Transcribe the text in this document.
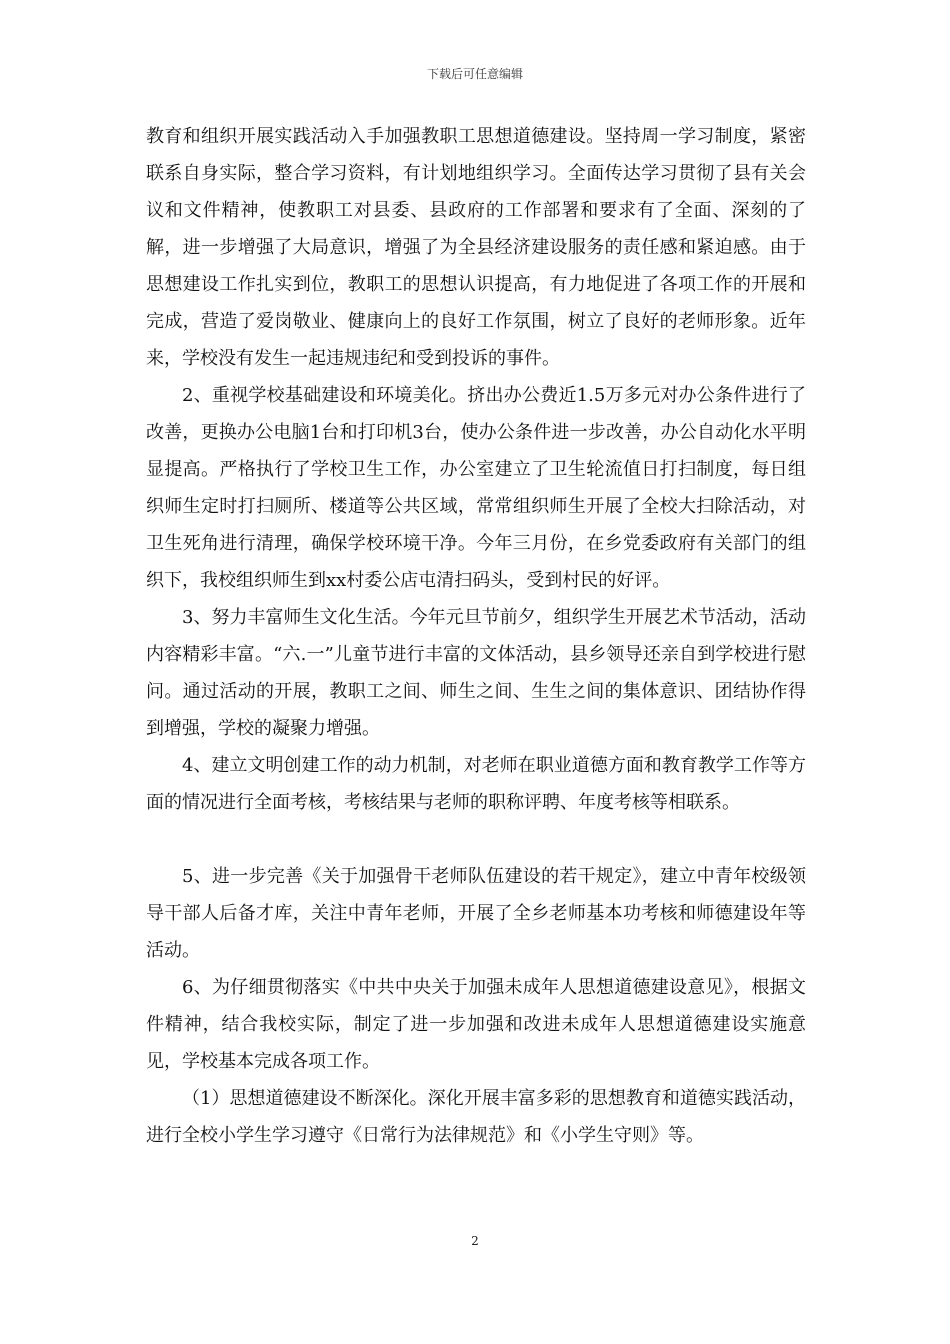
下载后可任意编辑

教育和组织开展实践活动入手加强教职工思想道德建设。坚持周一学习制度，紧密联系自身实际，整合学习资料，有计划地组织学习。全面传达学习贯彻了县有关会议和文件精神，使教职工对县委、县政府的工作部署和要求有了全面、深刻的了解，进一步增强了大局意识，增强了为全县经济建设服务的责任感和紧迫感。由于思想建设工作扎实到位，教职工的思想认识提高，有力地促进了各项工作的开展和完成，营造了爱岗敬业、健康向上的良好工作氛围，树立了良好的老师形象。近年来，学校没有发生一起违规违纪和受到投诉的事件。

2、重视学校基础建设和环境美化。挤出办公费近1.5万多元对办公条件进行了改善，更换办公电脑1台和打印机3台，使办公条件进一步改善，办公自动化水平明显提高。严格执行了学校卫生工作，办公室建立了卫生轮流值日打扫制度，每日组织师生定时打扫厕所、楼道等公共区域，常常组织师生开展了全校大扫除活动，对卫生死角进行清理，确保学校环境干净。今年三月份，在乡党委政府有关部门的组织下，我校组织师生到xx村委公店屯清扫码头，受到村民的好评。

3、努力丰富师生文化生活。今年元旦节前夕，组织学生开展艺术节活动，活动内容精彩丰富。“六.一”儿童节进行丰富的文体活动，县乡领导还亲自到学校进行慰问。通过活动的开展，教职工之间、师生之间、生生之间的集体意识、团结协作得到增强，学校的凝聚力增强。

4、建立文明创建工作的动力机制，对老师在职业道德方面和教育教学工作等方面的情况进行全面考核，考核结果与老师的职称评聘、年度考核等相联系。

5、进一步完善《关于加强骨干老师队伍建设的若干规定》，建立中青年校级领导干部人后备才库，关注中青年老师，开展了全乡老师基本功考核和师德建设年等活动。

6、为仔细贯彻落实《中共中央关于加强未成年人思想道德建设意见》，根据文件精神，结合我校实际，制定了进一步加强和改进未成年人思想道德建设实施意见，学校基本完成各项工作。

（1）思想道德建设不断深化。深化开展丰富多彩的思想教育和道德实践活动，进行全校小学生学习遵守《日常行为法律规范》和《小学生守则》等。

2
